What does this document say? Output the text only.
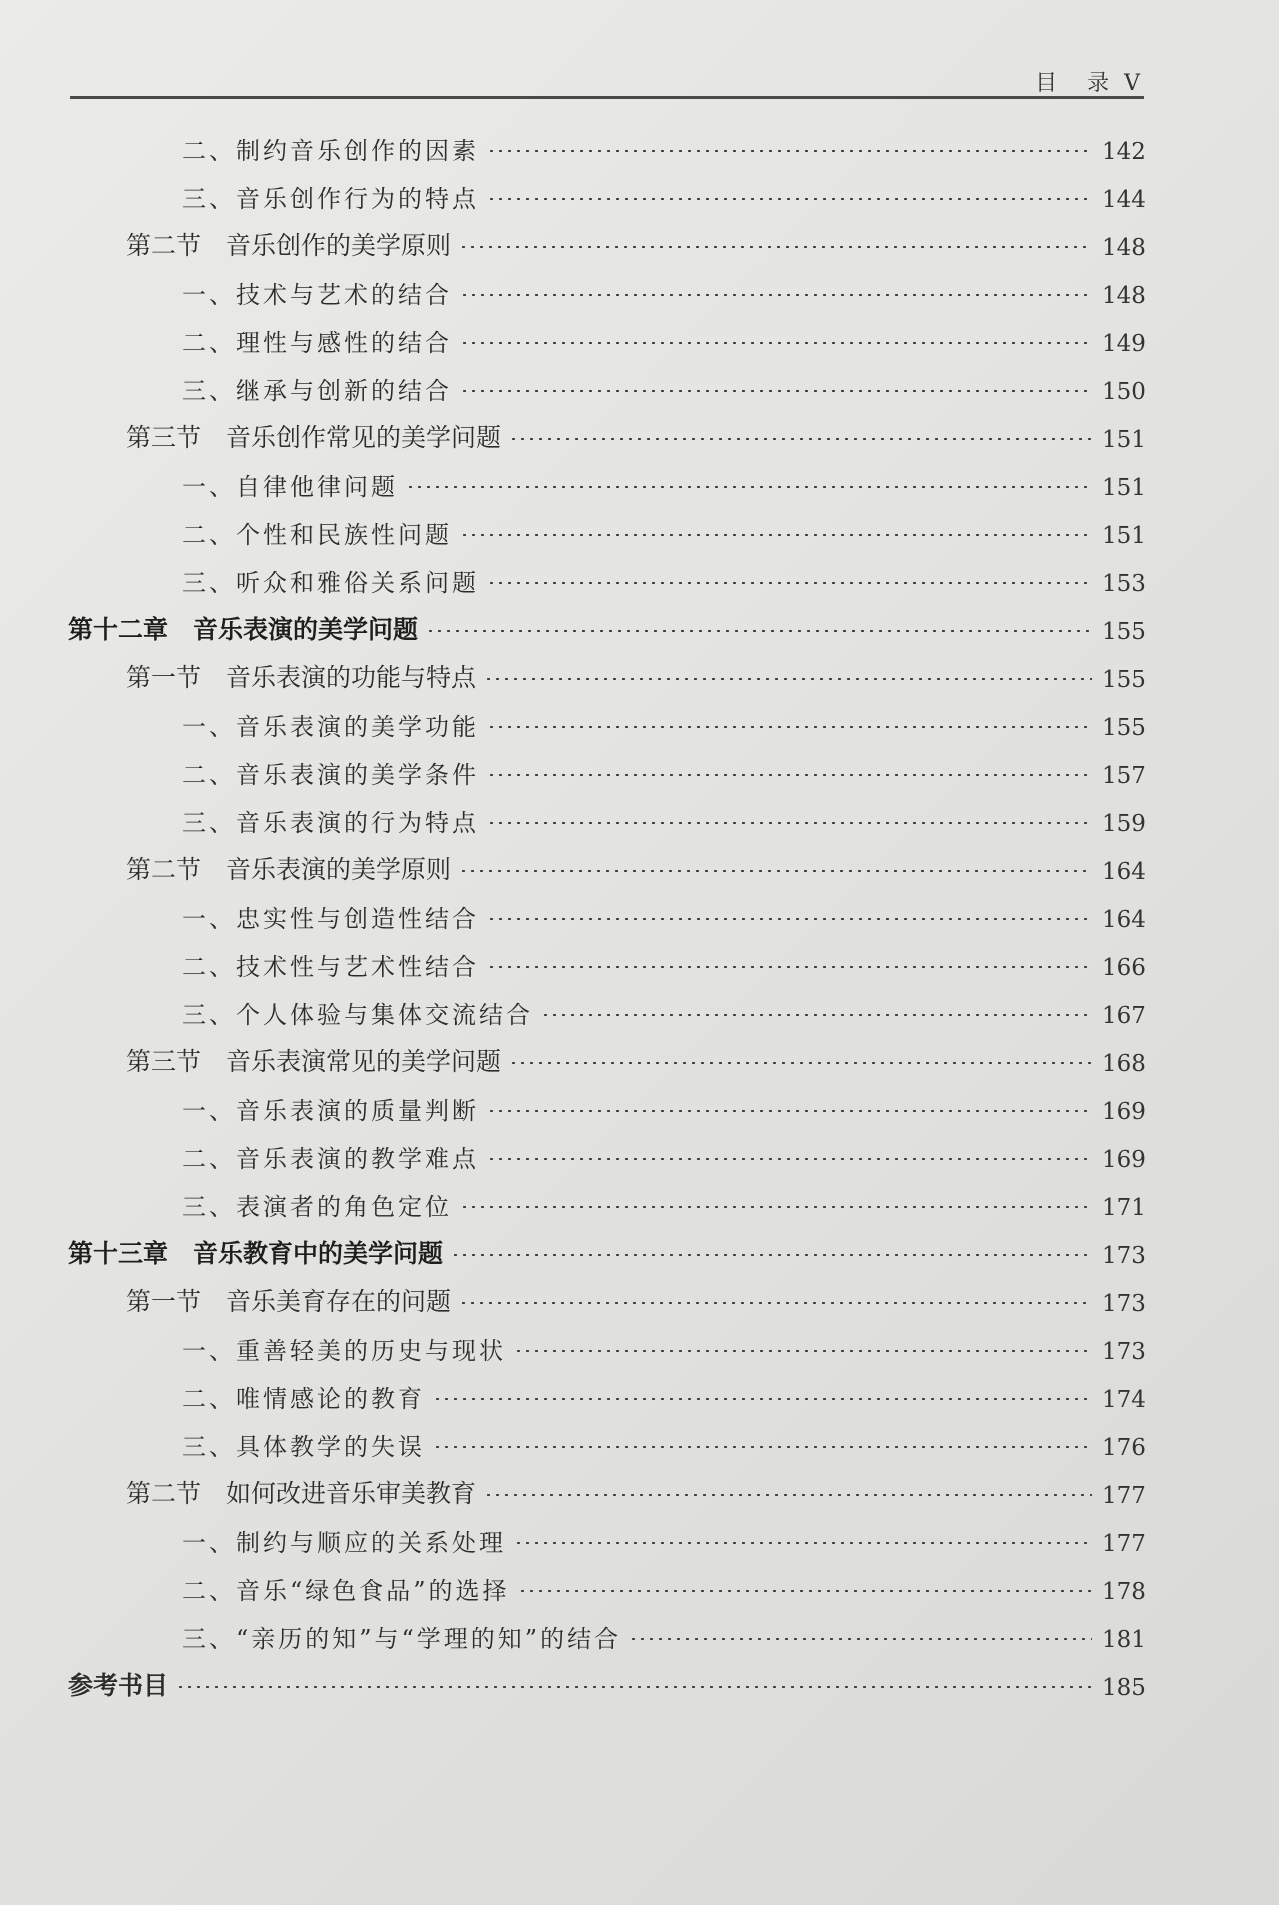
目　录 V
二、制约音乐创作的因素	142
三、音乐创作行为的特点	144
第二节　音乐创作的美学原则	148
一、技术与艺术的结合	148
二、理性与感性的结合	149
三、继承与创新的结合	150
第三节　音乐创作常见的美学问题	151
一、自律他律问题	151
二、个性和民族性问题	151
三、听众和雅俗关系问题	153
第十二章　音乐表演的美学问题	155
第一节　音乐表演的功能与特点	155
一、音乐表演的美学功能	155
二、音乐表演的美学条件	157
三、音乐表演的行为特点	159
第二节　音乐表演的美学原则	164
一、忠实性与创造性结合	164
二、技术性与艺术性结合	166
三、个人体验与集体交流结合	167
第三节　音乐表演常见的美学问题	168
一、音乐表演的质量判断	169
二、音乐表演的教学难点	169
三、表演者的角色定位	171
第十三章　音乐教育中的美学问题	173
第一节　音乐美育存在的问题	173
一、重善轻美的历史与现状	173
二、唯情感论的教育	174
三、具体教学的失误	176
第二节　如何改进音乐审美教育	177
一、制约与顺应的关系处理	177
二、音乐“绿色食品”的选择	178
三、“亲历的知”与“学理的知”的结合	181
参考书目	185
